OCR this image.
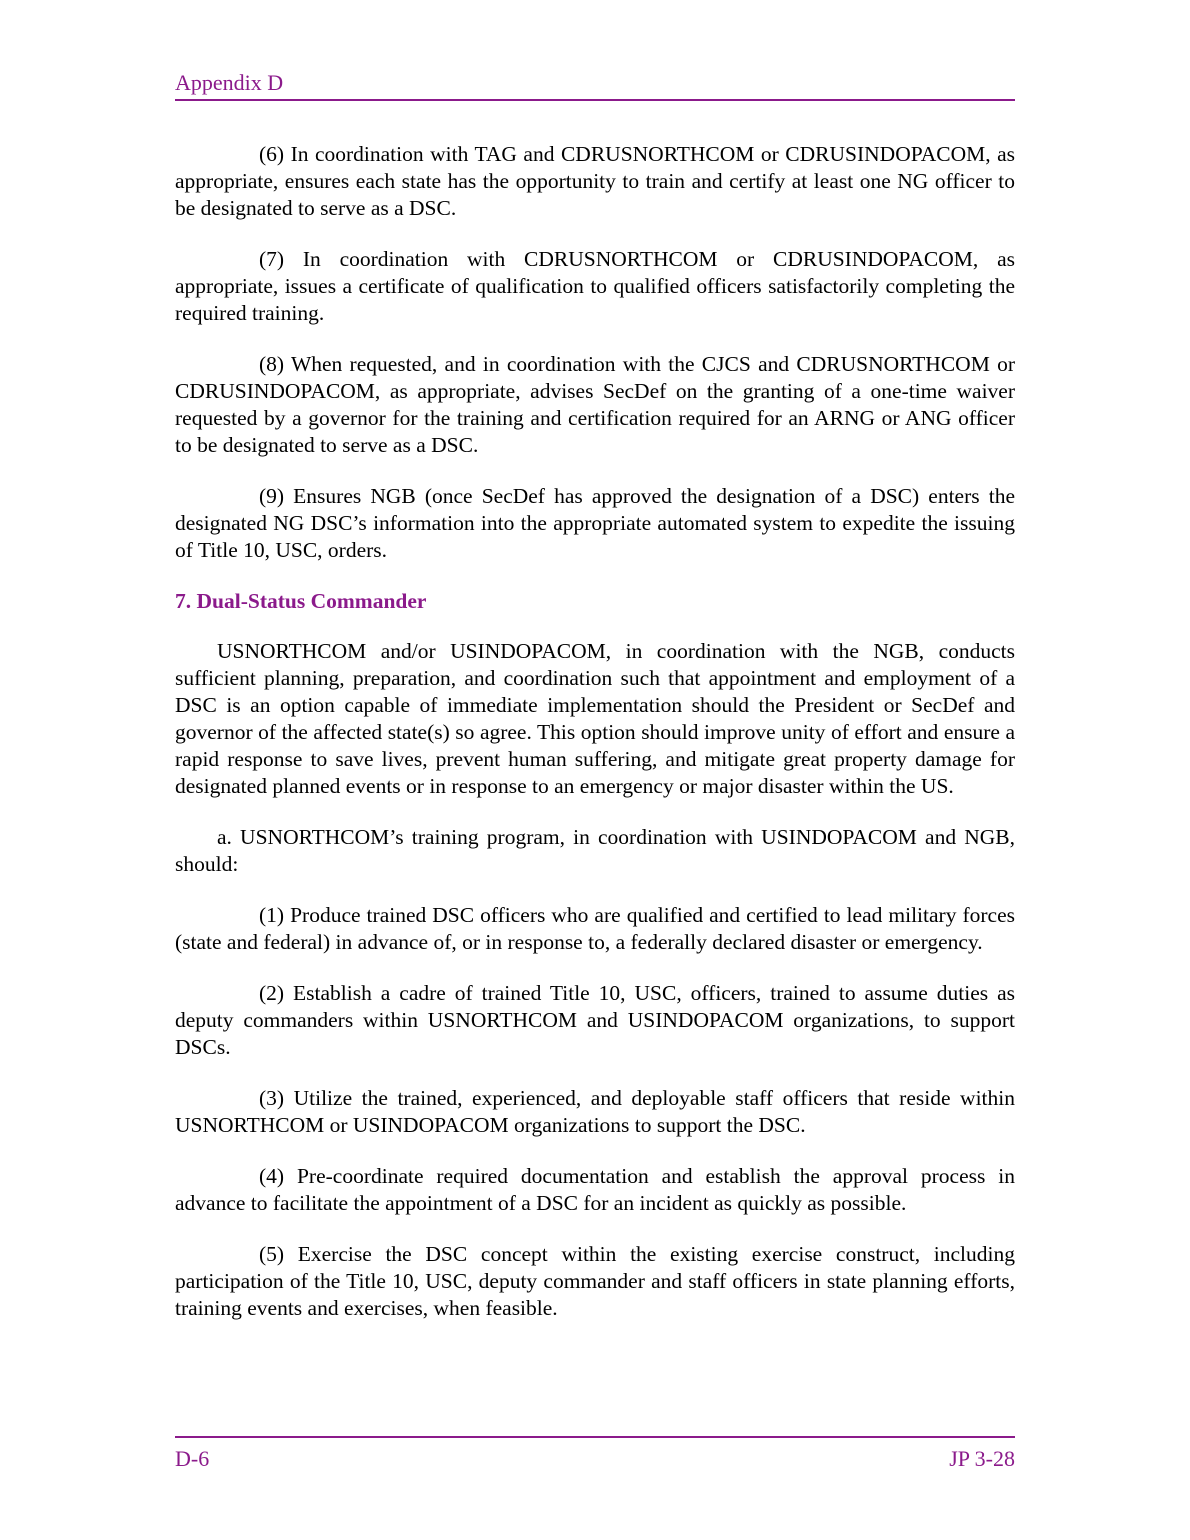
Appendix D

(6) In coordination with TAG and CDRUSNORTHCOM or CDRUSINDOPACOM, as appropriate, ensures each state has the opportunity to train and certify at least one NG officer to be designated to serve as a DSC.

(7) In coordination with CDRUSNORTHCOM or CDRUSINDOPACOM, as appropriate, issues a certificate of qualification to qualified officers satisfactorily completing the required training.

(8) When requested, and in coordination with the CJCS and CDRUSNORTHCOM or CDRUSINDOPACOM, as appropriate, advises SecDef on the granting of a one-time waiver requested by a governor for the training and certification required for an ARNG or ANG officer to be designated to serve as a DSC.

(9) Ensures NGB (once SecDef has approved the designation of a DSC) enters the designated NG DSC’s information into the appropriate automated system to expedite the issuing of Title 10, USC, orders.

7. Dual-Status Commander

USNORTHCOM and/or USINDOPACOM, in coordination with the NGB, conducts sufficient planning, preparation, and coordination such that appointment and employment of a DSC is an option capable of immediate implementation should the President or SecDef and governor of the affected state(s) so agree. This option should improve unity of effort and ensure a rapid response to save lives, prevent human suffering, and mitigate great property damage for designated planned events or in response to an emergency or major disaster within the US.

a. USNORTHCOM’s training program, in coordination with USINDOPACOM and NGB, should:

(1) Produce trained DSC officers who are qualified and certified to lead military forces (state and federal) in advance of, or in response to, a federally declared disaster or emergency.

(2) Establish a cadre of trained Title 10, USC, officers, trained to assume duties as deputy commanders within USNORTHCOM and USINDOPACOM organizations, to support DSCs.

(3) Utilize the trained, experienced, and deployable staff officers that reside within USNORTHCOM or USINDOPACOM organizations to support the DSC.

(4) Pre-coordinate required documentation and establish the approval process in advance to facilitate the appointment of a DSC for an incident as quickly as possible.

(5) Exercise the DSC concept within the existing exercise construct, including participation of the Title 10, USC, deputy commander and staff officers in state planning efforts, training events and exercises, when feasible.

D-6	JP 3-28
